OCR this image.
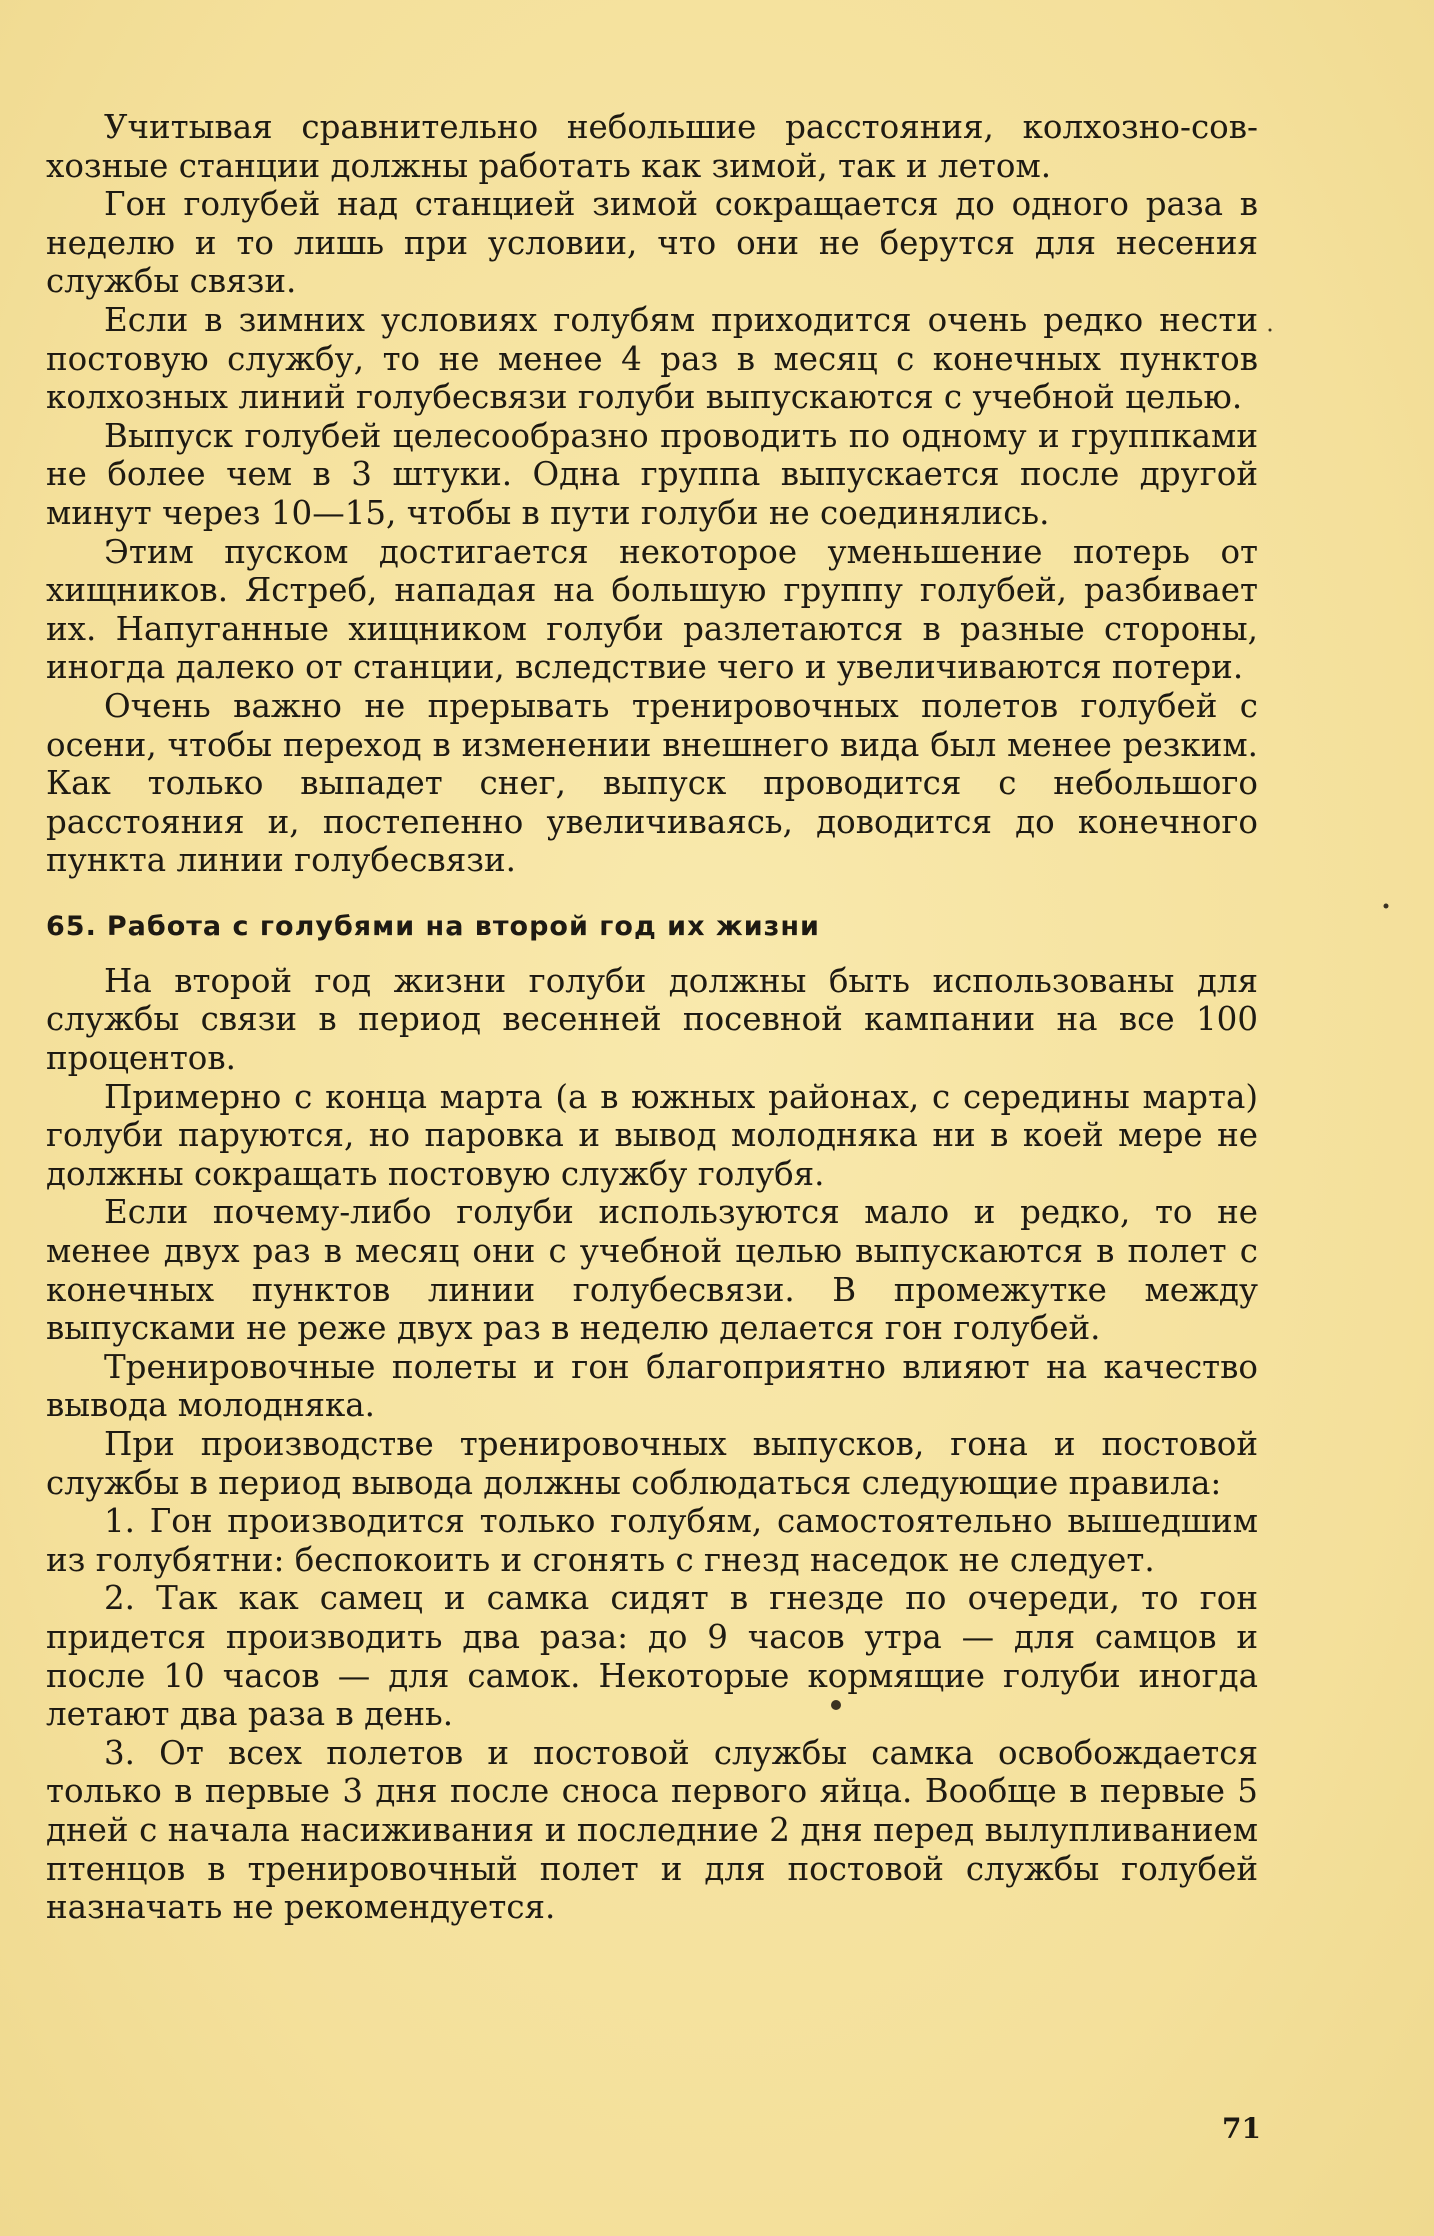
Учитывая сравнительно небольшие расстояния, колхозно-совхозные станции должны работать как зимой, так и летом.

Гон голубей над станцией зимой сокращается до одного раза в неделю и то лишь при условии, что они не берутся для несения службы связи.

Если в зимних условиях голубям приходится очень редко нести постовую службу, то не менее 4 раз в месяц с конечных пунктов колхозных линий голубесвязи голуби выпускаются с учебной целью.

Выпуск голубей целесообразно проводить по одному и группками не более чем в 3 штуки. Одна группа выпускается после другой минут через 10—15, чтобы в пути голуби не соединялись.

Этим пуском достигается некоторое уменьшение потерь от хищников. Ястреб, нападая на большую группу голубей, разбивает их. Напуганные хищником голуби разлетаются в разные стороны, иногда далеко от станции, вследствие чего и увеличиваются потери.

Очень важно не прерывать тренировочных полетов голубей с осени, чтобы переход в изменении внешнего вида был менее резким. Как только выпадет снег, выпуск проводится с небольшого расстояния и, постепенно увеличиваясь, доводится до конечного пункта линии голубесвязи.

65. Работа с голубями на второй год их жизни

На второй год жизни голуби должны быть использованы для службы связи в период весенней посевной кампании на все 100 процентов.

Примерно с конца марта (а в южных районах, с середины марта) голуби паруются, но паровка и вывод молодняка ни в коей мере не должны сокращать постовую службу голубя.

Если почему-либо голуби используются мало и редко, то не менее двух раз в месяц они с учебной целью выпускаются в полет с конечных пунктов линии голубесвязи. В промежутке между выпусками не реже двух раз в неделю делается гон голубей.

Тренировочные полеты и гон благоприятно влияют на качество вывода молодняка.

При производстве тренировочных выпусков, гона и постовой службы в период вывода должны соблюдаться следующие правила:

1. Гон производится только голубям, самостоятельно вышедшим из голубятни: беспокоить и сгонять с гнезд наседок не следует.

2. Так как самец и самка сидят в гнезде по очереди, то гон придется производить два раза: до 9 часов утра — для самцов и после 10 часов — для самок. Некоторые кормящие голуби иногда летают два раза в день.

3. От всех полетов и постовой службы самка освобождается только в первые 3 дня после сноса первого яйца. Вообще в первые 5 дней с начала насиживания и последние 2 дня перед вылупливанием птенцов в тренировочный полет и для постовой службы голубей назначать не рекомендуется.

71
